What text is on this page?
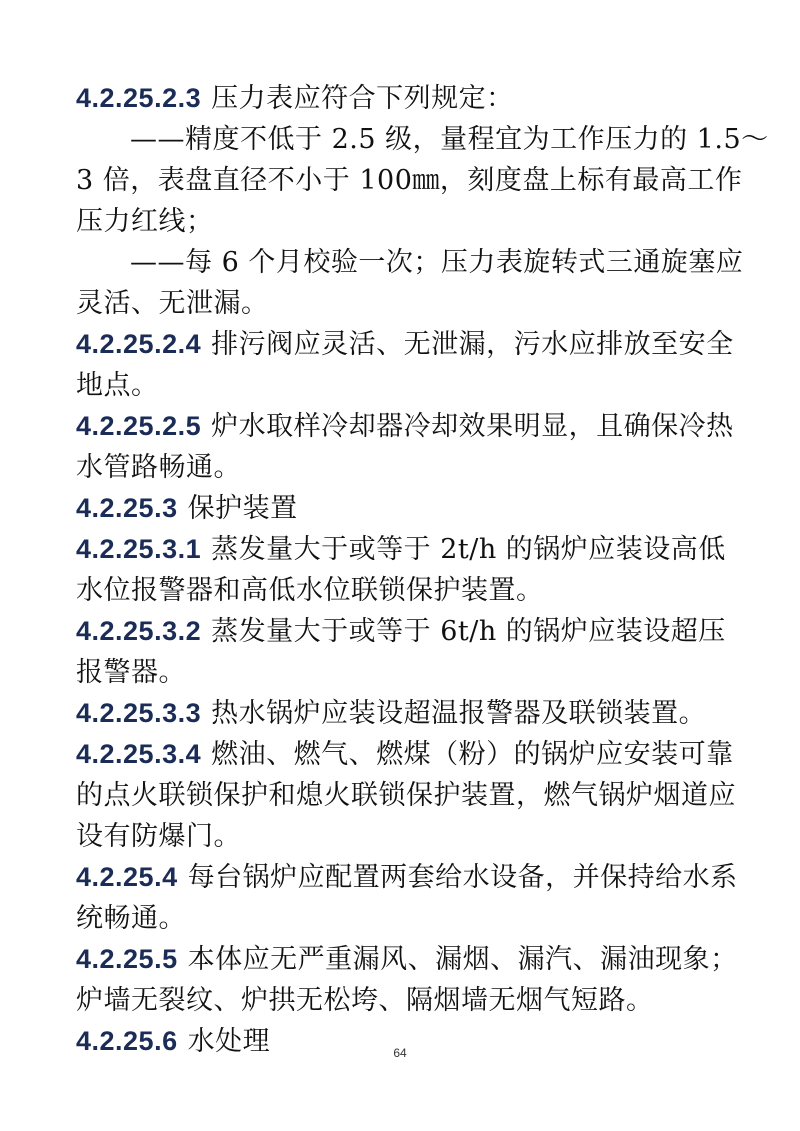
4.2.25.2.3 压力表应符合下列规定：
——精度不低于 2.5 级，量程宜为工作压力的 1.5～
3 倍，表盘直径不小于 100㎜，刻度盘上标有最高工作
压力红线；
——每 6 个月校验一次；压力表旋转式三通旋塞应
灵活、无泄漏。
4.2.25.2.4 排污阀应灵活、无泄漏，污水应排放至安全
地点。
4.2.25.2.5 炉水取样冷却器冷却效果明显，且确保冷热
水管路畅通。
4.2.25.3 保护装置
4.2.25.3.1 蒸发量大于或等于 2t/h 的锅炉应装设高低
水位报警器和高低水位联锁保护装置。
4.2.25.3.2 蒸发量大于或等于 6t/h 的锅炉应装设超压
报警器。
4.2.25.3.3 热水锅炉应装设超温报警器及联锁装置。
4.2.25.3.4 燃油、燃气、燃煤（粉）的锅炉应安装可靠
的点火联锁保护和熄火联锁保护装置，燃气锅炉烟道应
设有防爆门。
4.2.25.4 每台锅炉应配置两套给水设备，并保持给水系
统畅通。
4.2.25.5 本体应无严重漏风、漏烟、漏汽、漏油现象；
炉墙无裂纹、炉拱无松垮、隔烟墙无烟气短路。
4.2.25.6 水处理	64
